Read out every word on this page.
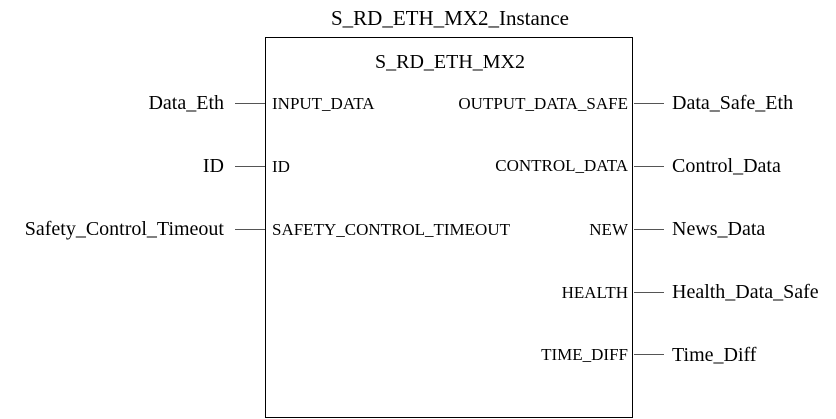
S_RD_ETH_MX2_Instance
S_RD_ETH_MX2
Data_Eth	INPUT_DATA
ID	ID
Safety_Control_Timeout	SAFETY_CONTROL_TIMEOUT
OUTPUT_DATA_SAFE Data_Safe_Eth
CONTROL_DATA Control_Data
NEW News_Data
HEALTH Health_Data_Safe
TIME_DIFF Time_Diff
